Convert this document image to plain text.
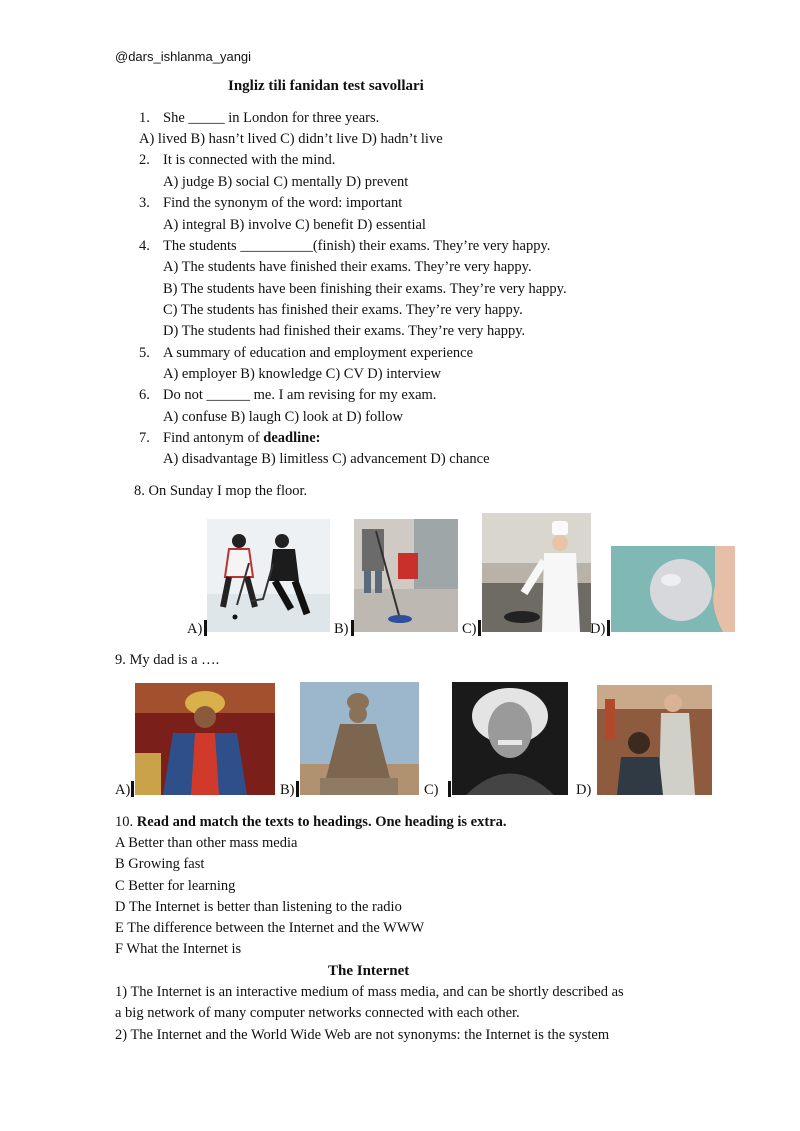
@dars_ishlanma_yangi
Ingliz tili fanidan test savollari
1. She _____ in London for three years.
A) lived B) hasn’t lived C) didn’t live D) hadn’t live
2. It is connected with the mind.
A) judge B) social C) mentally D) prevent
3. Find the synonym of the word: important
A) integral B) involve C) benefit D) essential
4. The students __________(finish) their exams. They’re very happy.
A) The students have finished their exams. They’re very happy.
B) The students have been finishing their exams. They’re very happy.
C) The students has finished their exams. They’re very happy.
D) The students had finished their exams. They’re very happy.
5. A summary of education and employment experience
A) employer B) knowledge C) CV D) interview
6. Do not ______ me. I am revising for my exam.
A) confuse B) laugh C) look at D) follow
7. Find antonym of deadline:
A) disadvantage B) limitless C) advancement D) chance
8. On Sunday I mop the floor.
A)	B)	C)	D)
9. My dad is a ….
A)	B)	C)	D)
10. Read and match the texts to headings. One heading is extra.
A Better than other mass media
B Growing fast
C Better for learning
D The Internet is better than listening to the radio
E The difference between the Internet and the WWW
F What the Internet is
The Internet
1) The Internet is an interactive medium of mass media, and can be shortly described as
a big network of many computer networks connected with each other.
2) The Internet and the World Wide Web are not synonyms: the Internet is the system
